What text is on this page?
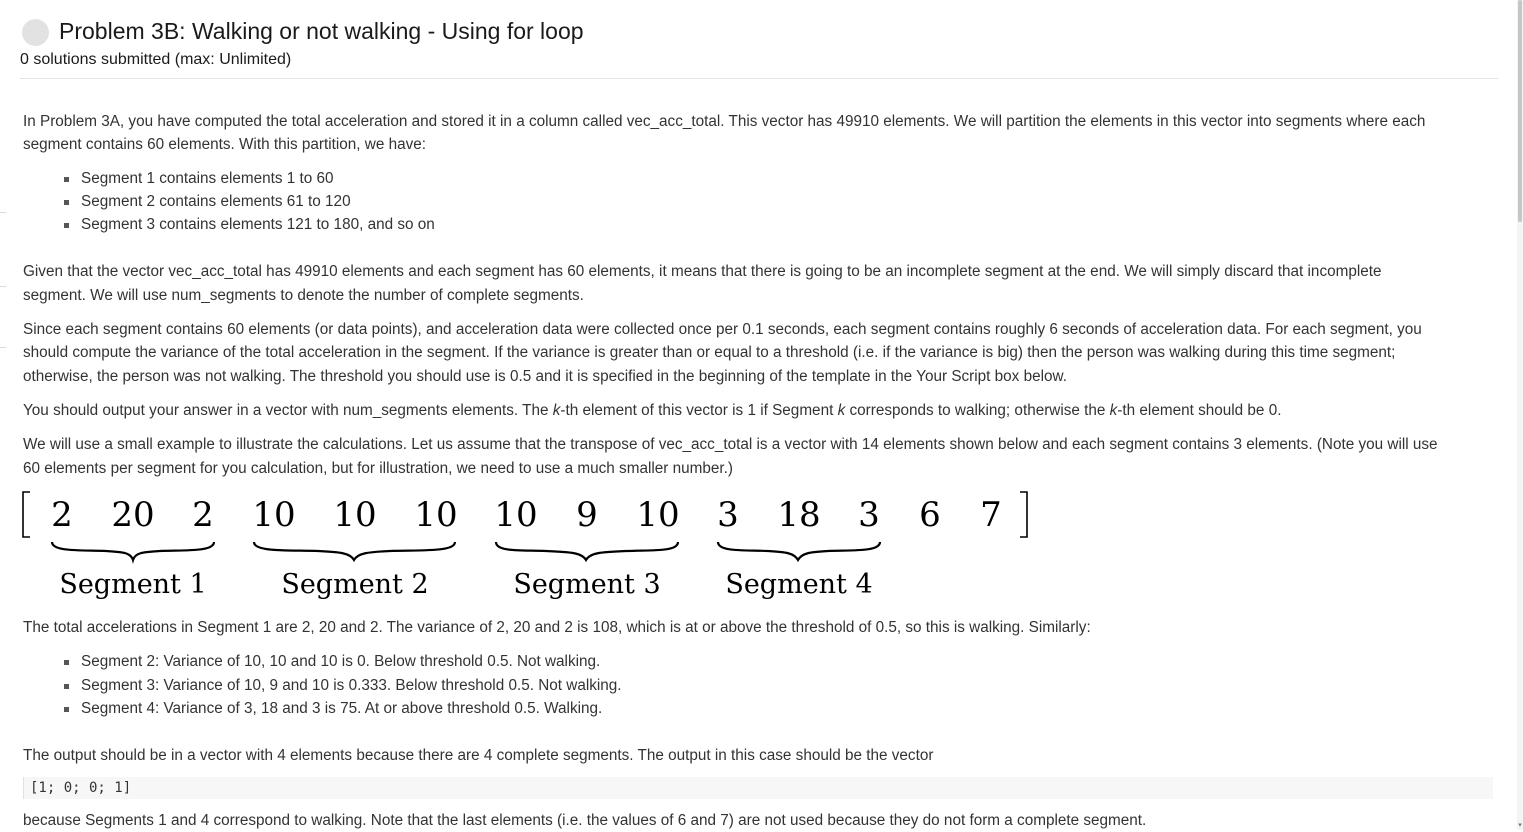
▾
Problem 3B: Walking or not walking - Using for loop
0 solutions submitted (max: Unlimited)

In Problem 3A, you have computed the total acceleration and stored it in a column called vec_acc_total. This vector has 49910 elements. We will partition the elements in this vector into segments where each segment contains 60 elements. With this partition, we have:

Segment 1 contains elements 1 to 60
Segment 2 contains elements 61 to 120
Segment 3 contains elements 121 to 180, and so on

Given that the vector vec_acc_total has 49910 elements and each segment has 60 elements, it means that there is going to be an incomplete segment at the end. We will simply discard that incomplete segment. We will use num_segments to denote the number of complete segments.

Since each segment contains 60 elements (or data points), and acceleration data were collected once per 0.1 seconds, each segment contains roughly 6 seconds of acceleration data. For each segment, you should compute the variance of the total acceleration in the segment. If the variance is greater than or equal to a threshold (i.e. if the variance is big) then the person was walking during this time segment; otherwise, the person was not walking. The threshold you should use is 0.5 and it is specified in the beginning of the template in the Your Script box below.

You should output your answer in a vector with num_segments elements. The k-th element of this vector is 1 if Segment k corresponds to walking; otherwise the k-th element should be 0.

We will use a small example to illustrate the calculations. Let us assume that the transpose of vec_acc_total is a vector with 14 elements shown below and each segment contains 3 elements. (Note you will use 60 elements per segment for you calculation, but for illustration, we need to use a much smaller number.)

2 20 2 10 10 10 10 9 10 3 18 3 6 7
Segment 1	Segment 2	Segment 3 Segment 4

The total accelerations in Segment 1 are 2, 20 and 2. The variance of 2, 20 and 2 is 108, which is at or above the threshold of 0.5, so this is walking. Similarly:

Segment 2: Variance of 10, 10 and 10 is 0. Below threshold 0.5. Not walking.
Segment 3: Variance of 10, 9 and 10 is 0.333. Below threshold 0.5. Not walking.
Segment 4: Variance of 3, 18 and 3 is 75. At or above threshold 0.5. Walking.

The output should be in a vector with 4 elements because there are 4 complete segments. The output in this case should be the vector

[1; 0; 0; 1]
because Segments 1 and 4 correspond to walking. Note that the last elements (i.e. the values of 6 and 7) are not used because they do not form a complete segment.
